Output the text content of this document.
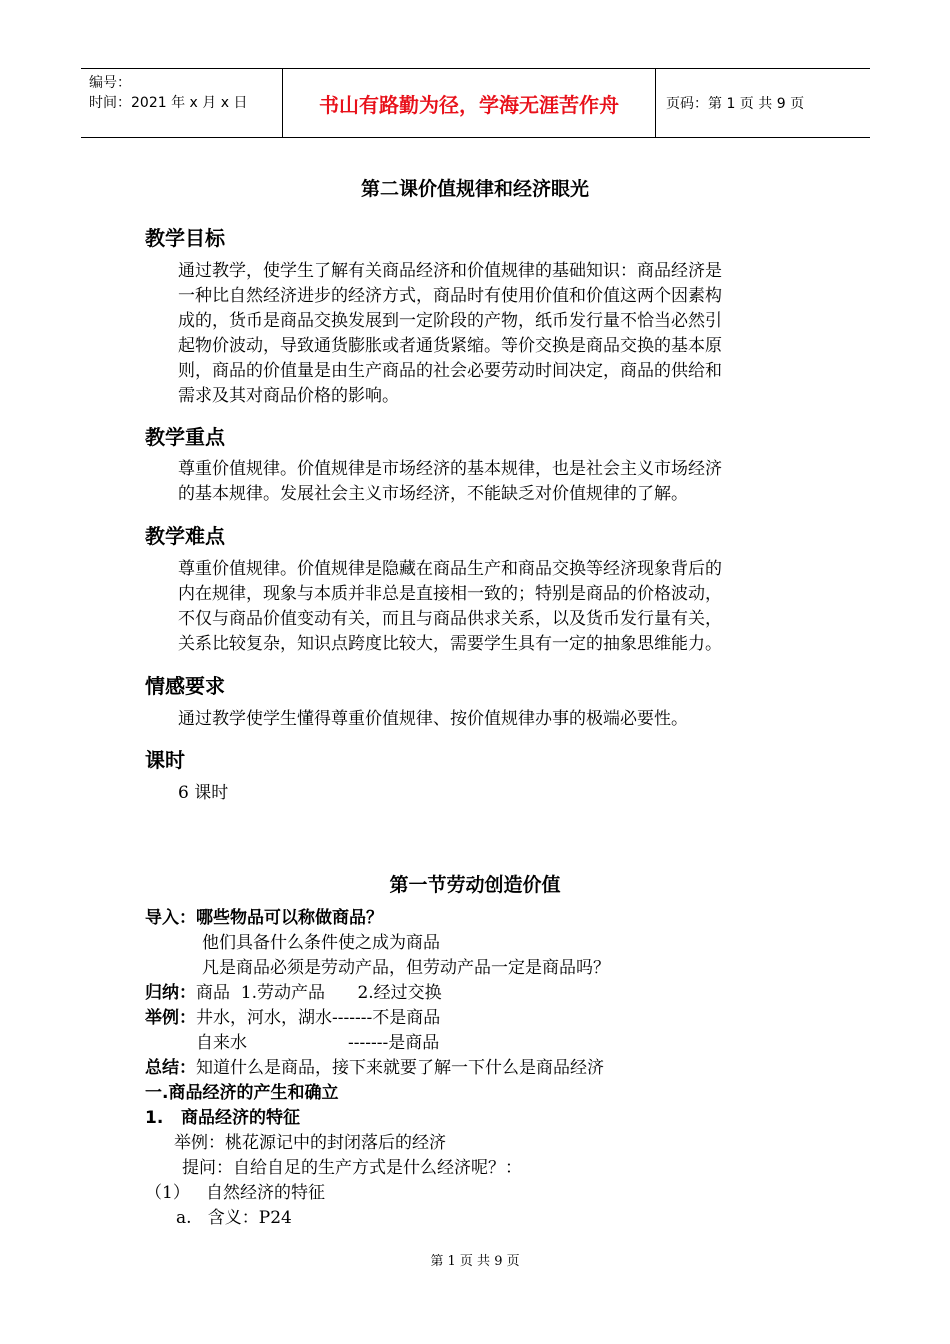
编号：
时间：2021 年 x 月 x 日	书山有路勤为径，学海无涯苦作舟	页码：第 1 页 共 9 页
第二课价值规律和经济眼光
教学目标
通过教学，使学生了解有关商品经济和价值规律的基础知识：商品经济是
一种比自然经济进步的经济方式，商品时有使用价值和价值这两个因素构
成的，货币是商品交换发展到一定阶段的产物，纸币发行量不恰当必然引
起物价波动，导致通货膨胀或者通货紧缩。等价交换是商品交换的基本原
则，商品的价值量是由生产商品的社会必要劳动时间决定，商品的供给和
需求及其对商品价格的影响。
教学重点
尊重价值规律。价值规律是市场经济的基本规律，也是社会主义市场经济
的基本规律。发展社会主义市场经济，不能缺乏对价值规律的了解。
教学难点
尊重价值规律。价值规律是隐藏在商品生产和商品交换等经济现象背后的
内在规律，现象与本质并非总是直接相一致的；特别是商品的价格波动，
不仅与商品价值变动有关，而且与商品供求关系，以及货币发行量有关，
关系比较复杂，知识点跨度比较大，需要学生具有一定的抽象思维能力。
情感要求
通过教学使学生懂得尊重价值规律、按价值规律办事的极端必要性。
课时
6 课时
第一节劳动创造价值
导入：哪些物品可以称做商品？
他们具备什么条件使之成为商品
凡是商品必须是劳动产品，但劳动产品一定是商品吗？
归纳：商品  1.劳动产品      2.经过交换
举例：井水，河水，湖水-------不是商品
自来水	-------是商品
总结：知道什么是商品，接下来就要了解一下什么是商品经济
一.商品经济的产生和确立
1.   商品经济的特征
举例：桃花源记中的封闭落后的经济
提问：自给自足的生产方式是什么经济呢？：
（1）   自然经济的特征
a.   含义：P24
第 1 页 共 9 页
